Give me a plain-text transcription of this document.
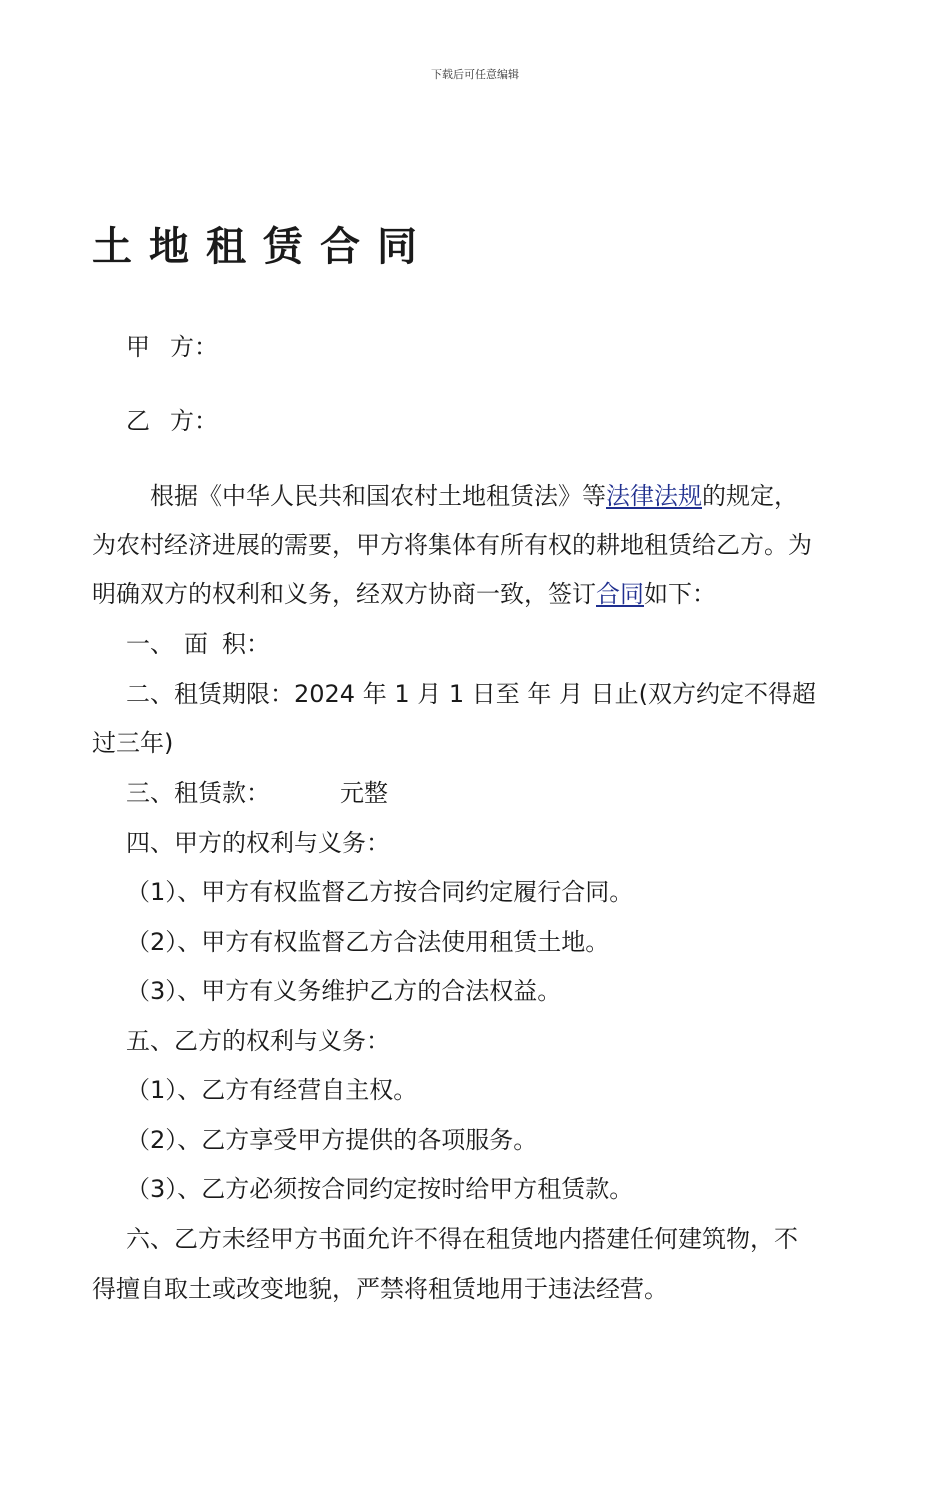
下载后可任意编辑
土地租赁合同
甲 方：
乙 方：
根据《中华人民共和国农村土地租赁法》等法律法规的规定，
为农村经济进展的需要，甲方将集体有所有权的耕地租赁给乙方。为
明确双方的权利和义务，经双方协商一致，签订合同如下：
一、 面 积：
二、租赁期限：2024 年 1 月 1 日至 年 月 日止(双方约定不得超
过三年)
三、租赁款：	元整
四、甲方的权利与义务：
（1）、甲方有权监督乙方按合同约定履行合同。
（2）、甲方有权监督乙方合法使用租赁土地。
（3）、甲方有义务维护乙方的合法权益。
五、乙方的权利与义务：
（1）、乙方有经营自主权。
（2）、乙方享受甲方提供的各项服务。
（3）、乙方必须按合同约定按时给甲方租赁款。
六、乙方未经甲方书面允许不得在租赁地内搭建任何建筑物，不
得擅自取土或改变地貌，严禁将租赁地用于违法经营。
